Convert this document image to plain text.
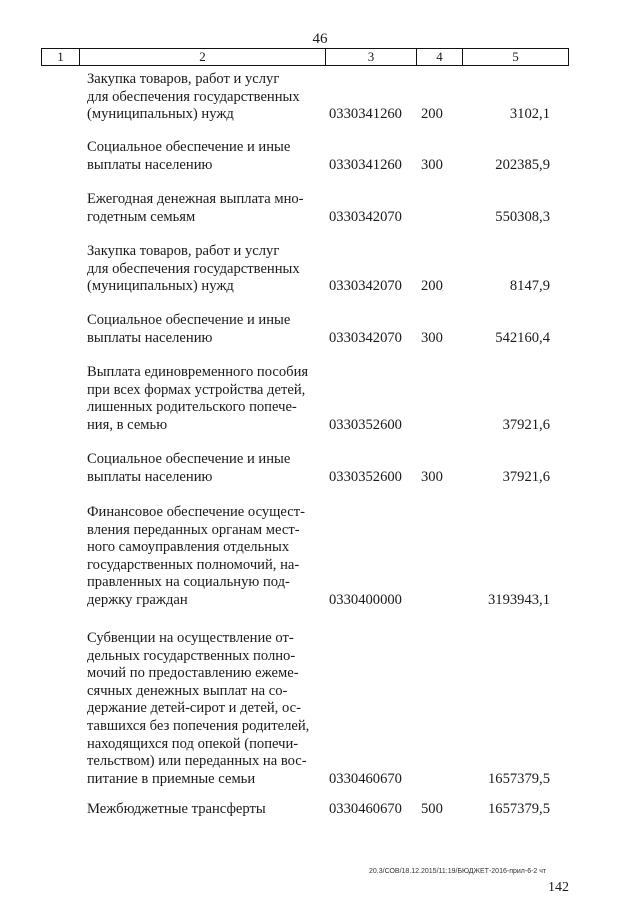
46
1	2	3	4	5
Закупка товаров, работ и услуг
для обеспечения государственных
(муниципальных) нужд	0330341260 200	3102,1
Социальное обеспечение и иные
выплаты населению	0330341260 300	202385,9
Ежегодная денежная выплата мно-
годетным семьям	0330342070	550308,3
Закупка товаров, работ и услуг
для обеспечения государственных
(муниципальных) нужд	0330342070 200	8147,9
Социальное обеспечение и иные
выплаты населению	0330342070 300	542160,4
Выплата единовременного пособия
при всех формах устройства детей,
лишенных родительского попече-
ния, в семью	0330352600	37921,6
Социальное обеспечение и иные
выплаты населению	0330352600 300	37921,6
Финансовое обеспечение осущест-
вления переданных органам мест-
ного самоуправления отдельных
государственных полномочий, на-
правленных на социальную под-
держку граждан	0330400000	3193943,1
Субвенции на осуществление от-
дельных государственных полно-
мочий по предоставлению ежеме-
сячных денежных выплат на со-
держание детей-сирот и детей, ос-
тавшихся без попечения родителей,
находящихся под опекой (попечи-
тельством) или переданных на вос-
питание в приемные семьи	0330460670	1657379,5
Межбюджетные трансферты	0330460670 500	1657379,5
20.3/СОВ/18.12.2015/11:19/БЮДЖЕТ-2016-прил-6-2 чт
142
